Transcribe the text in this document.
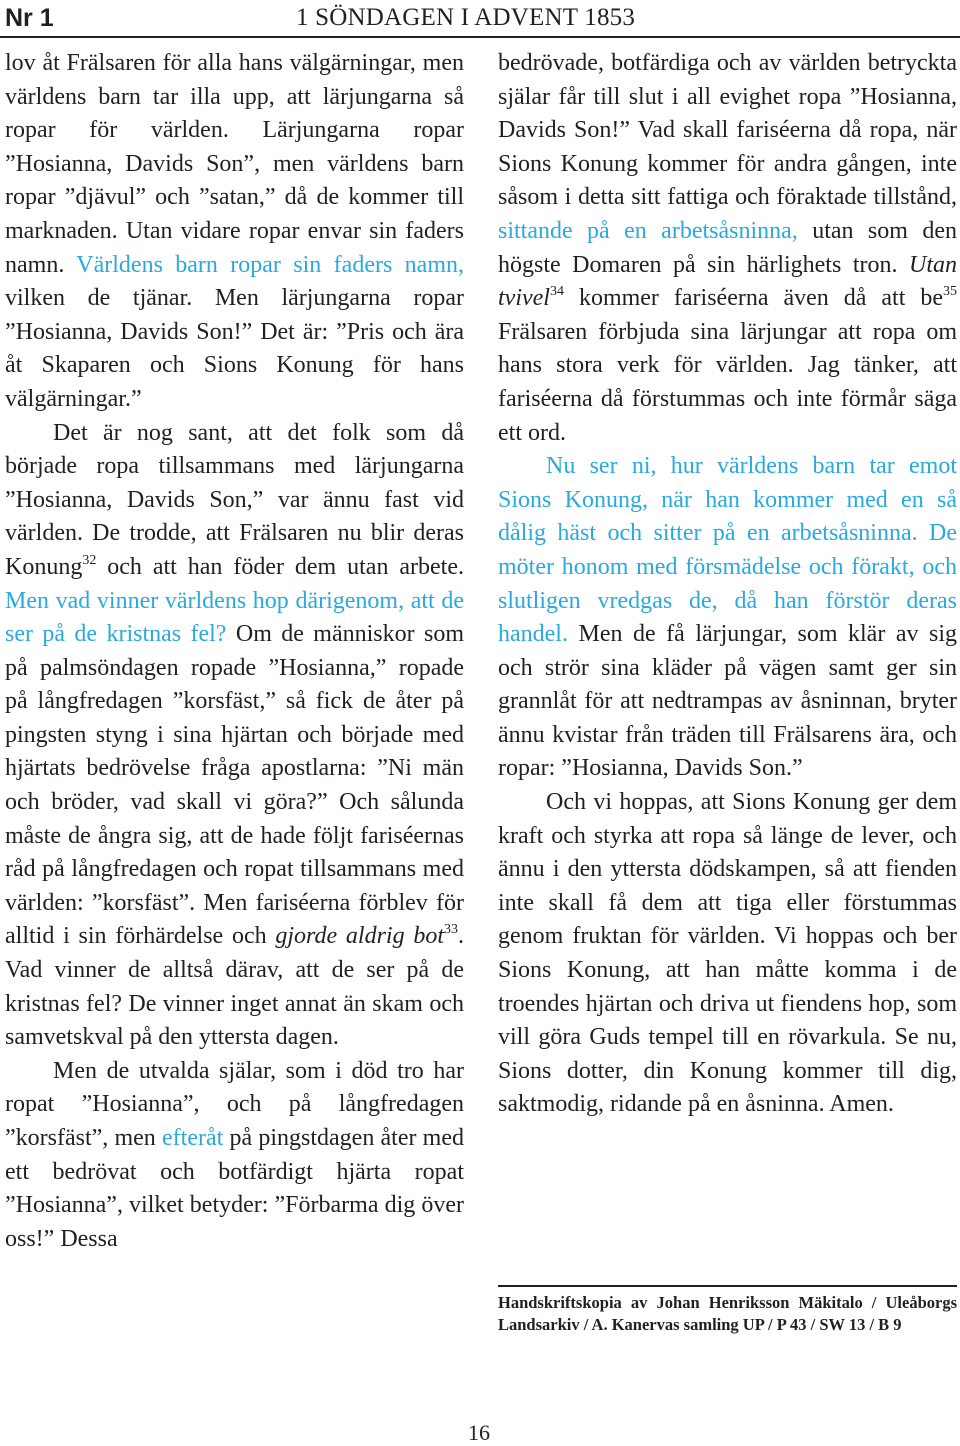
Nr 1	1 SÖNDAGEN I ADVENT 1853

lov åt Frälsaren för alla hans välgärningar, men världens barn tar illa upp, att lärjungarna så ropar för världen. Lärjungarna ropar ”Hosianna, Davids Son”, men världens barn ropar ”djävul” och ”satan,” då de kommer till marknaden. Utan vidare ropar envar sin faders namn. Världens barn ropar sin faders namn, vilken de tjänar. Men lärjungarna ropar ”Hosianna, Davids Son!” Det är: ”Pris och ära åt Skaparen och Sions Konung för hans välgärningar.”

Det är nog sant, att det folk som då började ropa tillsammans med lärjungarna ”Hosianna, Davids Son,” var ännu fast vid världen. De trodde, att Frälsaren nu blir deras Konung$^{32}$ och att han föder dem utan arbete. Men vad vinner världens hop därigenom, att de ser på de kristnas fel? Om de människor som på palmsöndagen ropade ”Hosianna,” ropade på långfredagen ”korsfäst,” så fick de åter på pingsten styng i sina hjärtan och började med hjärtats bedrövelse fråga apostlarna: ”Ni män och bröder, vad skall vi göra?” Och sålunda måste de ångra sig, att de hade följt fariséernas råd på långfredagen och ropat tillsammans med världen: ”korsfäst”. Men fariséerna förblev för alltid i sin förhärdelse och gjorde aldrig bot$^{33}$. Vad vinner de alltså därav, att de ser på de kristnas fel? De vinner inget annat än skam och samvetskval på den yttersta dagen.

Men de utvalda själar, som i död tro har ropat ”Hosianna”, och på långfredagen ”korsfäst”, men efteråt på pingstdagen åter med ett bedrövat och botfärdigt hjärta ropat ”Hosianna”, vilket betyder: ”Förbarma dig över oss!” Dessa

bedrövade, botfärdiga och av världen betryckta själar får till slut i all evighet ropa ”Hosianna, Davids Son!” Vad skall fariséerna då ropa, när Sions Konung kommer för andra gången, inte såsom i detta sitt fattiga och föraktade tillstånd, sittande på en arbetsåsninna, utan som den högste Domaren på sin härlighets tron. Utan tvivel$^{34}$ kommer fariséerna även då att $be^{35}$ Frälsaren förbjuda sina lärjungar att ropa om hans stora verk för världen. Jag tänker, att fariséerna då förstummas och inte förmår säga ett ord.

Nu ser ni, hur världens barn tar emot Sions Konung, när han kommer med en så dålig häst och sitter på en arbetsåsninna. De möter honom med försmädelse och förakt, och slutligen vredgas de, då han förstör deras handel. Men de få lärjungar, som klär av sig och strör sina kläder på vägen samt ger sin grannlåt för att nedtrampas av åsninnan, bryter ännu kvistar från träden till Frälsarens ära, och ropar: ”Hosianna, Davids Son.”

Och vi hoppas, att Sions Konung ger dem kraft och styrka att ropa så länge de lever, och ännu i den yttersta dödskampen, så att fienden inte skall få dem att tiga eller förstummas genom fruktan för världen. Vi hoppas och ber Sions Konung, att han måtte komma i de troendes hjärtan och driva ut fiendens hop, som vill göra Guds tempel till en rövarkula. Se nu, Sions dotter, din Konung kommer till dig, saktmodig, ridande på en åsninna. Amen.

Handskriftskopia av Johan Henriksson Mäkitalo / Uleåborgs Landsarkiv / A. Kanervas samling UP / P 43 / SW 13 / B 9
16
